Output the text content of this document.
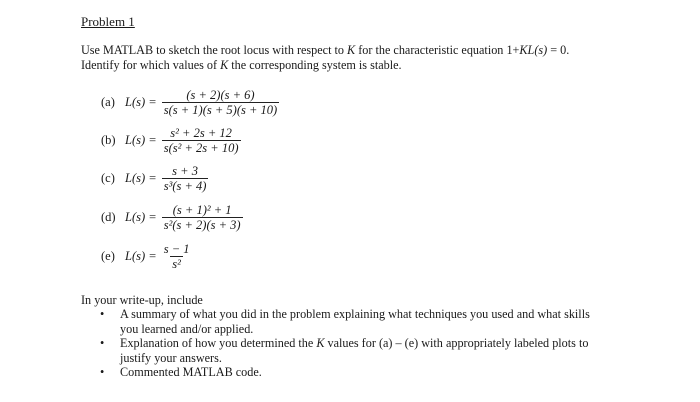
Problem 1
Use MATLAB to sketch the root locus with respect to K for the characteristic equation 1+KL(s) = 0.
Identify for which values of K the corresponding system is stable.
(a) $L(s) = \frac{(s + 2)(s + 6)}{s(s + 1)(s + 5)(s + 10)}$
(b) $L(s) = \frac{\text{s² + 2s + 12}}{\text{s(s² + 2s + 10)}}$
(c) $L(s) = \frac{s + 3}{\text{s³(s + 4)}}$
(d) $L(s) = \frac{\text{(s + 1)² + 1}}{\text{s²(s + 2)(s + 3)}}$
(e) $L(s) = \frac{s - 1}{\text{s²}}$
In your write-up, include
• A summary of what you did in the problem explaining what techniques you used and what skills you learned and/or applied.
• Explanation of how you determined the K values for (a) – (e) with appropriately labeled plots to justify your answers.
• Commented MATLAB code.
